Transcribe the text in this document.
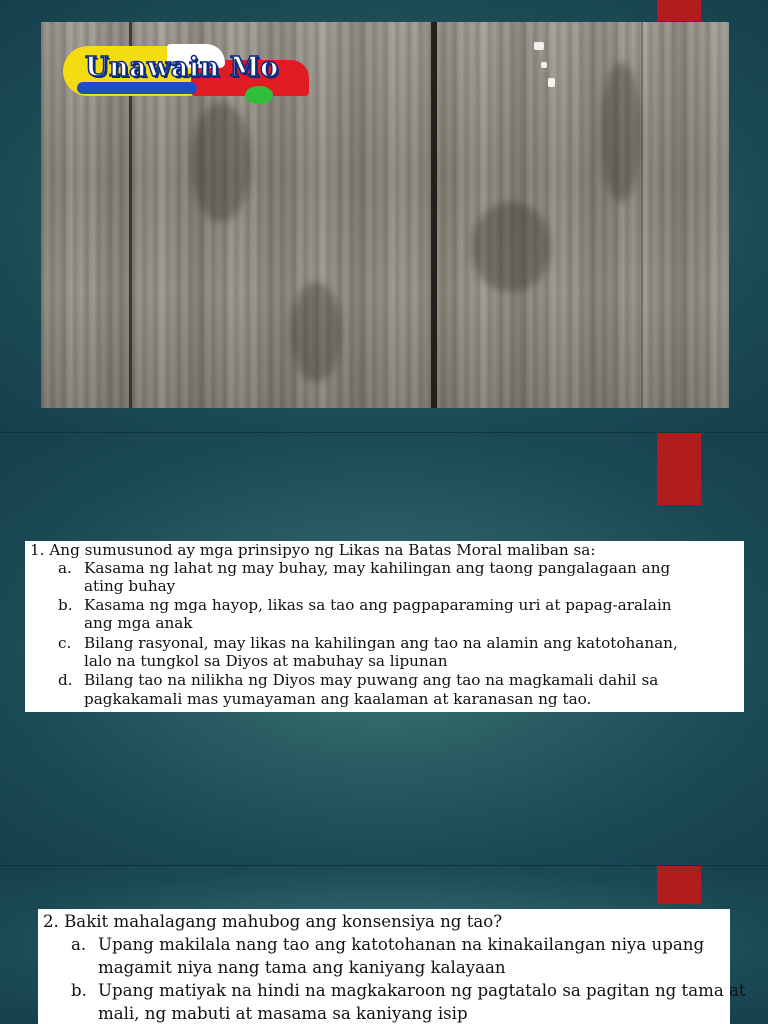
Unawain Mo
1. Ang sumusunod ay mga prinsipyo ng Likas na Batas Moral maliban sa:
a. Kasama ng lahat ng may buhay, may kahilingan ang taong pangalagaan ang
ating buhay
b. Kasama ng mga hayop, likas sa tao ang pagpaparaming uri at papag-aralain
ang mga anak
c. Bilang rasyonal, may likas na kahilingan ang tao na alamin ang katotohanan,
lalo na tungkol sa Diyos at mabuhay sa lipunan
d. Bilang tao na nilikha ng Diyos may puwang ang tao na magkamali dahil sa
pagkakamali mas yumayaman ang kaalaman at karanasan ng tao.
2. Bakit mahalagang mahubog ang konsensiya ng tao?
a. Upang makilala nang tao ang katotohanan na kinakailangan niya upang
magamit niya nang tama ang kaniyang kalayaan
b. Upang matiyak na hindi na magkakaroon ng pagtatalo sa pagitan ng tama at
mali, ng mabuti at masama sa kaniyang isip
